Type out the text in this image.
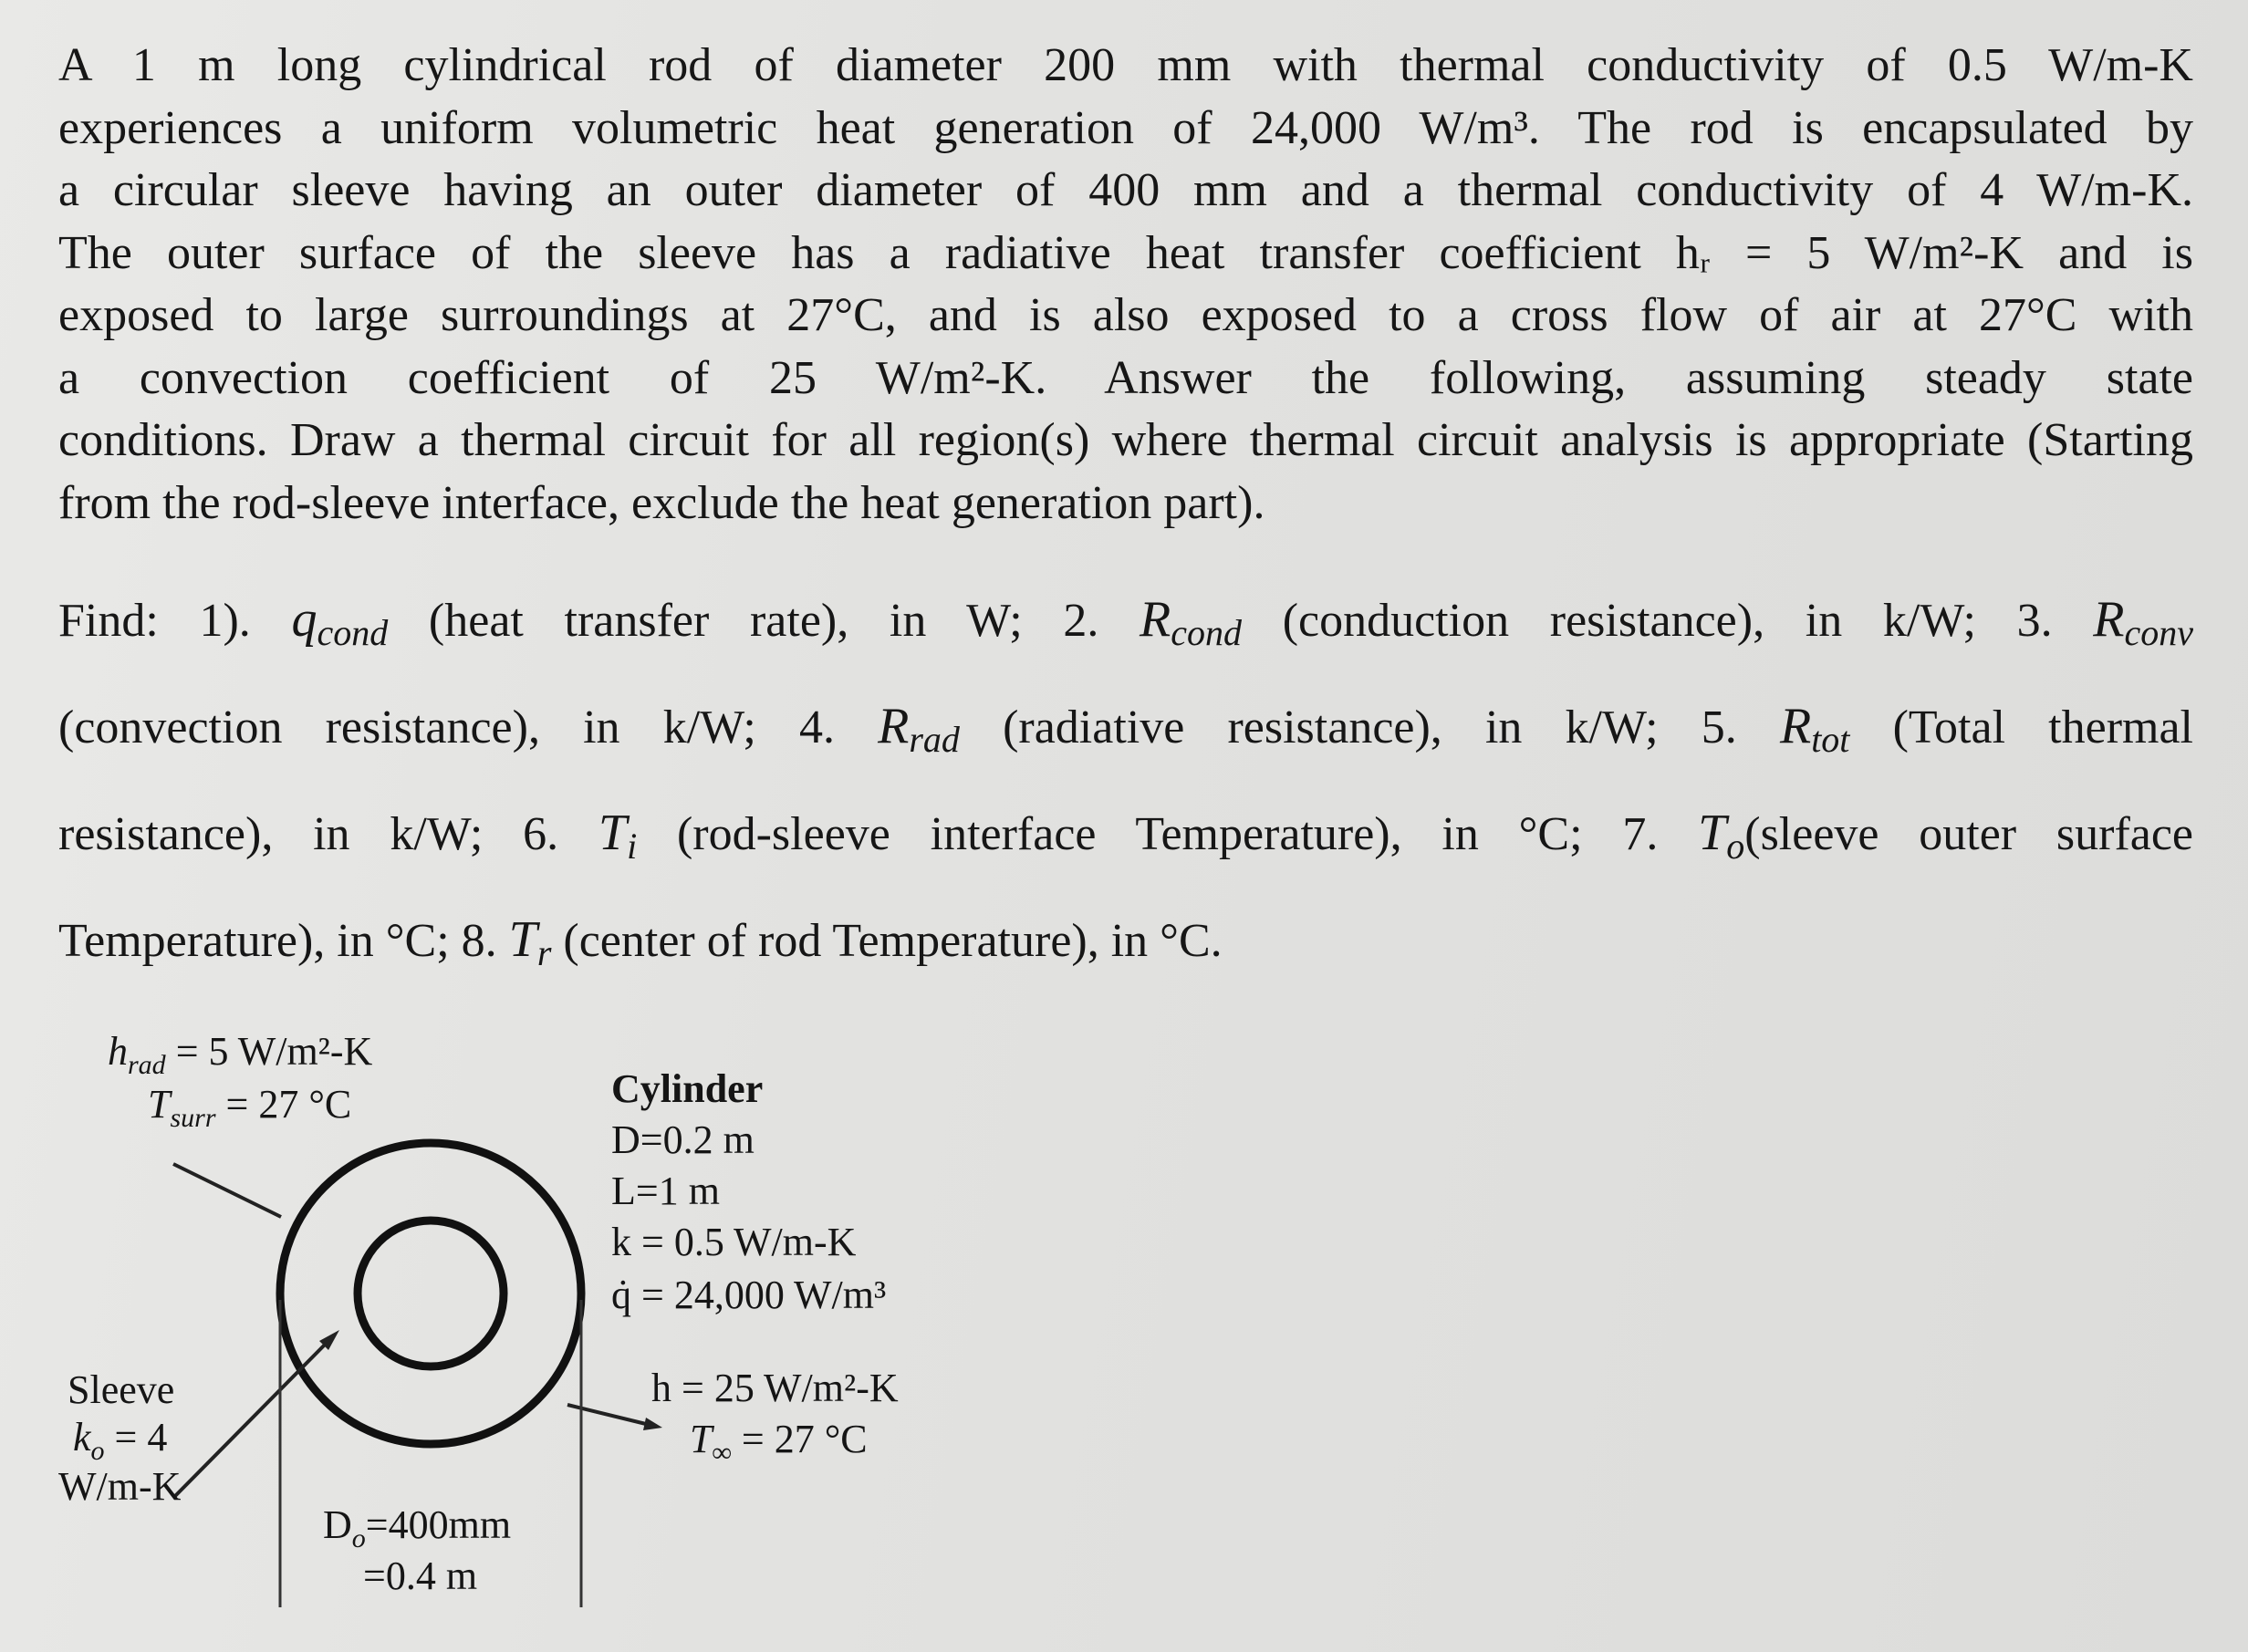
A 1 m long cylindrical rod of diameter 200 mm with thermal conductivity of 0.5 W/m-K
experiences a uniform volumetric heat generation of 24,000 W/m³. The rod is encapsulated by
a circular sleeve having an outer diameter of 400 mm and a thermal conductivity of 4 W/m-K.
The outer surface of the sleeve has a radiative heat transfer coefficient hᵣ = 5 W/m²-K and is
exposed to large surroundings at 27°C, and is also exposed to a cross flow of air at 27°C with
a convection coefficient of 25 W/m²-K. Answer the following, assuming steady state
conditions. Draw a thermal circuit for all region(s) where thermal circuit analysis is appropriate (Starting
from the rod-sleeve interface, exclude the heat generation part).
Find: 1). $q_{cond}$ (heat transfer rate), in W; 2. $R_{cond}$ (conduction resistance), in k/W; 3. $R_{conv}$
(convection resistance), in k/W; 4. $R_{rad}$ (radiative resistance), in k/W; 5. $R_{tot}$ (Total thermal
resistance), in k/W; 6. $T_i$ (rod-sleeve interface Temperature), in °C; 7. $T_o(sleeve$ outer surface
Temperature), in °C; 8. $T_r$ (center of rod Temperature), in °C.
$h_{rad} = 5$ W/m²-K
$T_{surr} = 27$ °C	Cylinder
D=0.2 m
L=1 m
k = 0.5 W/m-K
q̇ = 24,000 W/m³
Sleeve
$k_o = 4$
W/m-K
h = 25 W/m²-K
$T_\infty = 27$ °C
$D_o=400mm$
=0.4 m
